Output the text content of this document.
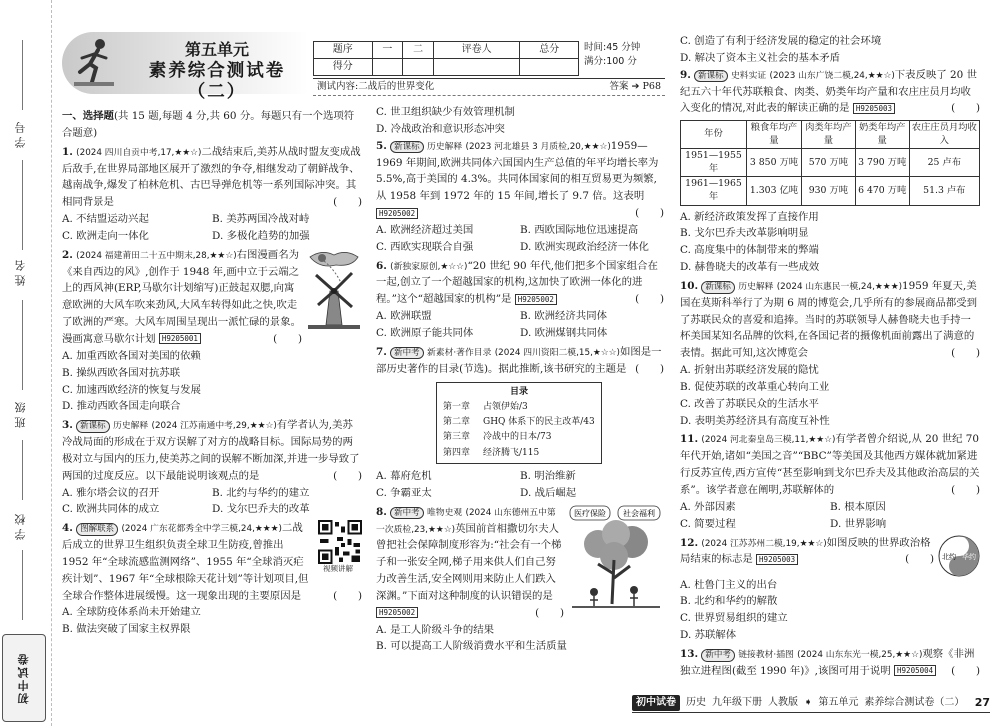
学号
姓名
班级
学校
初中试卷
第五单元
素养综合测试卷（二）
题序	一	二	评卷人	总分
得分				
时间:45 分钟
满分:100 分
测试内容:二战后的世界变化	答案 ➔ P68
一、选择题(共 15 题,每题 4 分,共 60 分。每题只有一个选项符合题意)
1. (2024 四川自贡中考,17,★★☆)二战结束后,美苏从战时盟友变成战后敌手,在世界局部地区展开了激烈的争夺,相继发动了朝鲜战争、越南战争,爆发了柏林危机、古巴导弹危机等一系列国际冲突。其相同背景是	(　　)
A. 不结盟运动兴起	B. 美苏两国冷战对峙
C. 欧洲走向一体化	D. 多极化趋势的加强
2. (2024 福建莆田二十五中期末,28,★★☆)右图漫画名为《来自西边的风》,创作于 1948 年,画中立于云端之上的西风神(ERP,马歇尔计划缩写)正鼓起双腮,向寓意欧洲的大风车吹来劲风,大风车转得如此之快,吹走了欧洲的严寒。大风车周围呈现出一派忙碌的景象。漫画寓意马歇尔计划 H9205001	(　　)
A. 加重西欧各国对美国的依赖
B. 操纵西欧各国对抗苏联
C. 加速西欧经济的恢复与发展
D. 推动西欧各国走向联合
3. 新课标 历史解释 (2024 江苏南通中考,29,★★☆)有学者认为,美苏冷战局面的形成在于双方误解了对方的战略目标。国际局势的两极对立与国内的压力,使美苏之间的误解不断加深,并进一步导致了两国的过度反应。以下最能说明该观点的是	(　　)
A. 雅尔塔会议的召开	B. 北约与华约的建立
C. 欧洲共同体的成立	D. 戈尔巴乔夫的改革
视频讲解
4. 图解联系 (2024 广东花都秀全中学三模,24,★★★)二战后成立的世界卫生组织负责全球卫生防疫,曾推出 1952 年“全球流感监测网络”、1955 年“全球消灭疟疾计划”、1967 年“全球根除天花计划”等计划项目,但全球合作整体进展缓慢。这一现象出现的主要原因是	(　　)
A. 全球防疫体系尚未开始建立
B. 做法突破了国家主权界限
C. 世卫组织缺少有效管理机制
D. 冷战政治和意识形态冲突
5. 新课标 历史解释 (2023 河北雄县 3 月质检,20,★★☆)1959—1969 年期间,欧洲共同体六国国内生产总值的年平均增长率为 5.5%,高于美国的 4.3%。共同体国家间的相互贸易更为频繁,从 1958 年到 1972 年的 15 年间,增长了 9.7 倍。这表明 H9205002	(　　)
A. 欧洲经济超过美国	B. 西欧国际地位迅速提高
C. 西欧实现联合自强	D. 欧洲实现政治经济一体化
6. (新独家原创,★☆☆)“20 世纪 90 年代,他们把多个国家组合在一起,创立了一个超越国家的机构,这加快了欧洲一体化的进程。”这个“超越国家的机构”是 H9205002	(　　)
A. 欧洲联盟	B. 欧洲经济共同体
C. 欧洲原子能共同体	D. 欧洲煤钢共同体
7. 新中考 新素材·著作目录 (2024 四川资阳二模,15,★☆☆)如图是一部历史著作的目录(节选)。据此推断,该书研究的主题是 (　　)
目录
第一章	占领伊始/3
第二章	GHQ 体系下的民主改革/43
第三章	冷战中的日本/73
第四章	经济腾飞/115
A. 幕府危机	B. 明治维新
C. 争霸亚太	D. 战后崛起
医疗保险 社会福利
8. 新中考 唯物史观 (2024 山东德州五中第一次质检,23,★★☆)英国前首相撒切尔夫人曾把社会保障制度形容为:“社会有一个梯子和一张安全网,梯子用来供人们自己努力改善生活,安全网则用来防止人们跌入深渊。”下面对这种制度的认识错误的是 H9205002	(　　)
A. 是工人阶级斗争的结果
B. 可以提高工人阶级消费水平和生活质量
C. 创造了有利于经济发展的稳定的社会环境
D. 解决了资本主义社会的基本矛盾
9. 新课标 史料实证 (2023 山东广饶二模,24,★★☆)下表反映了 20 世纪五六十年代苏联粮食、肉类、奶类年均产量和农庄庄员月均收入变化的情况,对此表的解读正确的是 H9205003	(　　)
年份	粮食年均产量	肉类年均产量	奶类年均产量	农庄庄员月均收入
1951—1955 年	3 850 万吨	570 万吨	3 790 万吨	25 卢布
1961—1965 年	1.303 亿吨	930 万吨	6 470 万吨	51.3 卢布
A. 新经济政策发挥了直接作用
B. 戈尔巴乔夫改革影响明显
C. 高度集中的体制带来的弊端
D. 赫鲁晓夫的改革有一些成效
10. 新课标 历史解释 (2024 山东惠民一模,24,★★★)1959 年夏天,美国在莫斯科举行了为期 6 周的博览会,几乎所有的参展商品都受到了苏联民众的喜爱和追捧。当时的苏联领导人赫鲁晓夫也手持一杯美国某知名品牌的饮料,在各国记者的摄像机面前露出了满意的表情。据此可知,这次博览会	(　　)
A. 折射出苏联经济发展的隐忧
B. 促使苏联的改革重心转向工业
C. 改善了苏联民众的生活水平
D. 表明美苏经济具有高度互补性
11. (2024 河北秦皇岛三模,11,★★☆)有学者曾介绍说,从 20 世纪 70 年代开始,诸如“美国之音”“BBC”等美国及其他西方媒体就加紧进行反苏宣传,西方宣传“甚至影响到戈尔巴乔夫及其他政治高层的关系”。该学者意在阐明,苏联解体的	(　　)
A. 外部因素	B. 根本原因
C. 简要过程	D. 世界影响
北约 华约
12. (2024 江苏苏州二模,19,★★☆)如图反映的世界政治格局结束的标志是 H9205003	(　　)
A. 杜鲁门主义的出台
B. 北约和华约的解散
C. 世界贸易组织的建立
D. 苏联解体
13. 新中考 链接教材·插图 (2024 山东东光一模,25,★★☆)观察《非洲独立进程图(截至 1990 年)》,该图可用于说明 H9205004 (　　)
初中试卷	历史 九年级下册 人教版 ➧ 第五单元 素养综合测试卷（二） 27
